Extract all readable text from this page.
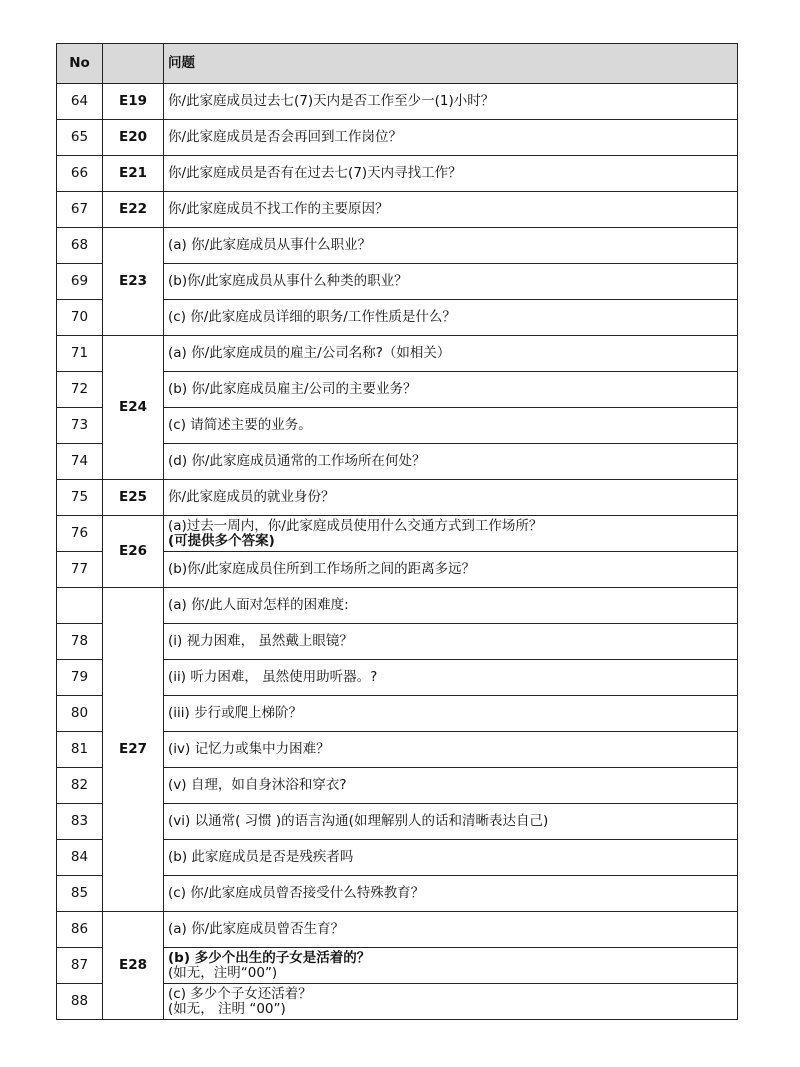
No		问题
64	E19	你/此家庭成员过去七(7)天内是否工作至少一(1)小时？
65	E20	你/此家庭成员是否会再回到工作岗位？
66	E21	你/此家庭成员是否有在过去七(7)天内寻找工作？
67	E22	你/此家庭成员不找工作的主要原因？
68	E23	(a) 你/此家庭成员从事什么职业？
69		(b)你/此家庭成员从事什么种类的职业？
70		(c) 你/此家庭成员详细的职务/工作性质是什么？
71	E24	(a) 你/此家庭成员的雇主/公司名称?（如相关）
72		(b) 你/此家庭成员雇主/公司的主要业务？
73		(c) 请简述主要的业务。
74		(d) 你/此家庭成员通常的工作场所在何处？
75	E25	你/此家庭成员的就业身份？
76	E26	(a)过去一周内，你/此家庭成员使用什么交通方式到工作场所？
(可提供多个答案)

77		(b)你/此家庭成员住所到工作场所之间的距离多远？
	E27	(a) 你/此人面对怎样的困难度:
78		(i) 视力困难， 虽然戴上眼镜？
79		(ii) 听力困难， 虽然使用助听器。?
80		(iii) 步行或爬上梯阶？
81		(iv) 记忆力或集中力困难？
82		(v) 自理，如自身沐浴和穿衣?
83		(vi) 以通常( 习惯 )的语言沟通(如理解别人的话和清晰表达自己)
84		(b) 此家庭成员是否是残疾者吗
85		(c) 你/此家庭成员曾否接受什么特殊教育？
86	E28	(a) 你/此家庭成员曾否生育？
87		(b) 多少个出生的子女是活着的？
(如无，注明“00”)

88		(c) 多少个子女还活着？
(如无， 注明 “00”)
